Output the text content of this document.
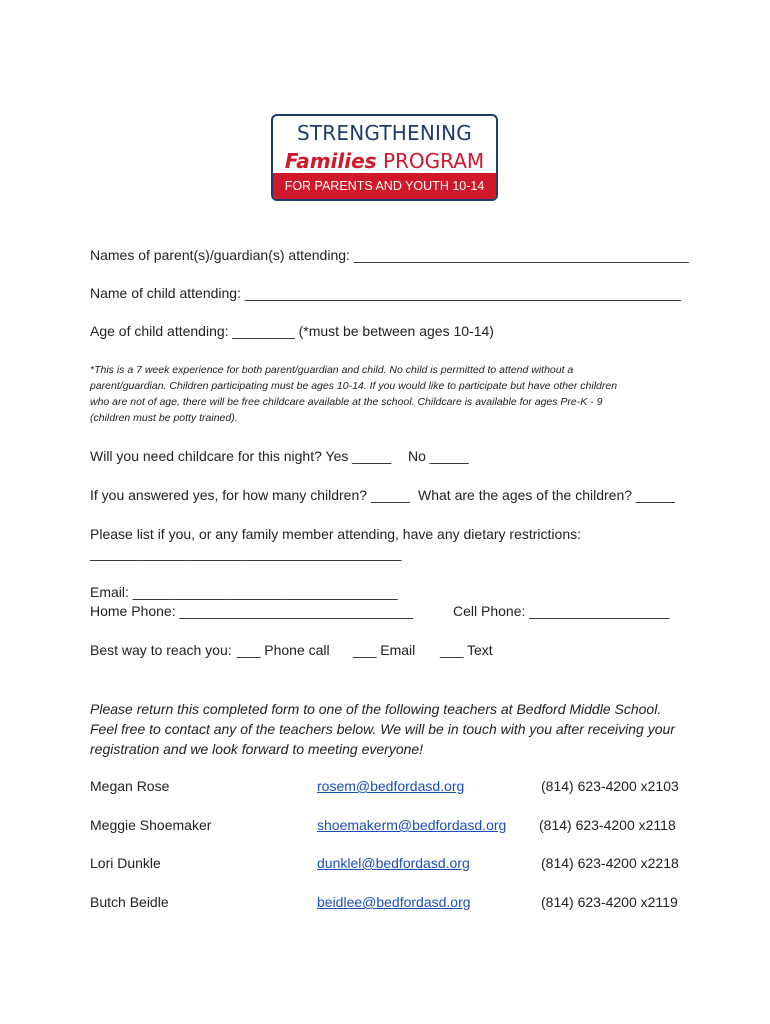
STRENGTHENING
Families PROGRAM
FOR PARENTS AND YOUTH 10-14
Names of parent(s)/guardian(s) attending: ___________________________________________
Name of child attending: ________________________________________________________
Age of child attending: ________ (*must be between ages 10-14)
*This is a 7 week experience for both parent/guardian and child. No child is permitted to attend without a
parent/guardian. Children participating must be ages 10-14. If you would like to participate but have other children
who are not of age, there will be free childcare available at the school. Childcare is available for ages Pre-K - 9
(children must be potty trained).
Will you need childcare for this night? Yes _____ No _____
If you answered yes, for how many children? _____ What are the ages of the children? _____
Please list if you, or any family member attending, have any dietary restrictions:
________________________________________
Email: __________________________________
Home Phone: ______________________________	Cell Phone: __________________
Best way to reach you: ___ Phone call ___ Email ___ Text
Please return this completed form to one of the following teachers at Bedford Middle School.
Feel free to contact any of the teachers below. We will be in touch with you after receiving your
registration and we look forward to meeting everyone!
Megan Rose	rosem@bedfordasd.org	(814) 623-4200 x2103
Meggie Shoemaker	shoemakerm@bedfordasd.org (814) 623-4200 x2118
Lori Dunkle	dunklel@bedfordasd.org	(814) 623-4200 x2218
Butch Beidle	beidlee@bedfordasd.org	(814) 623-4200 x2119
